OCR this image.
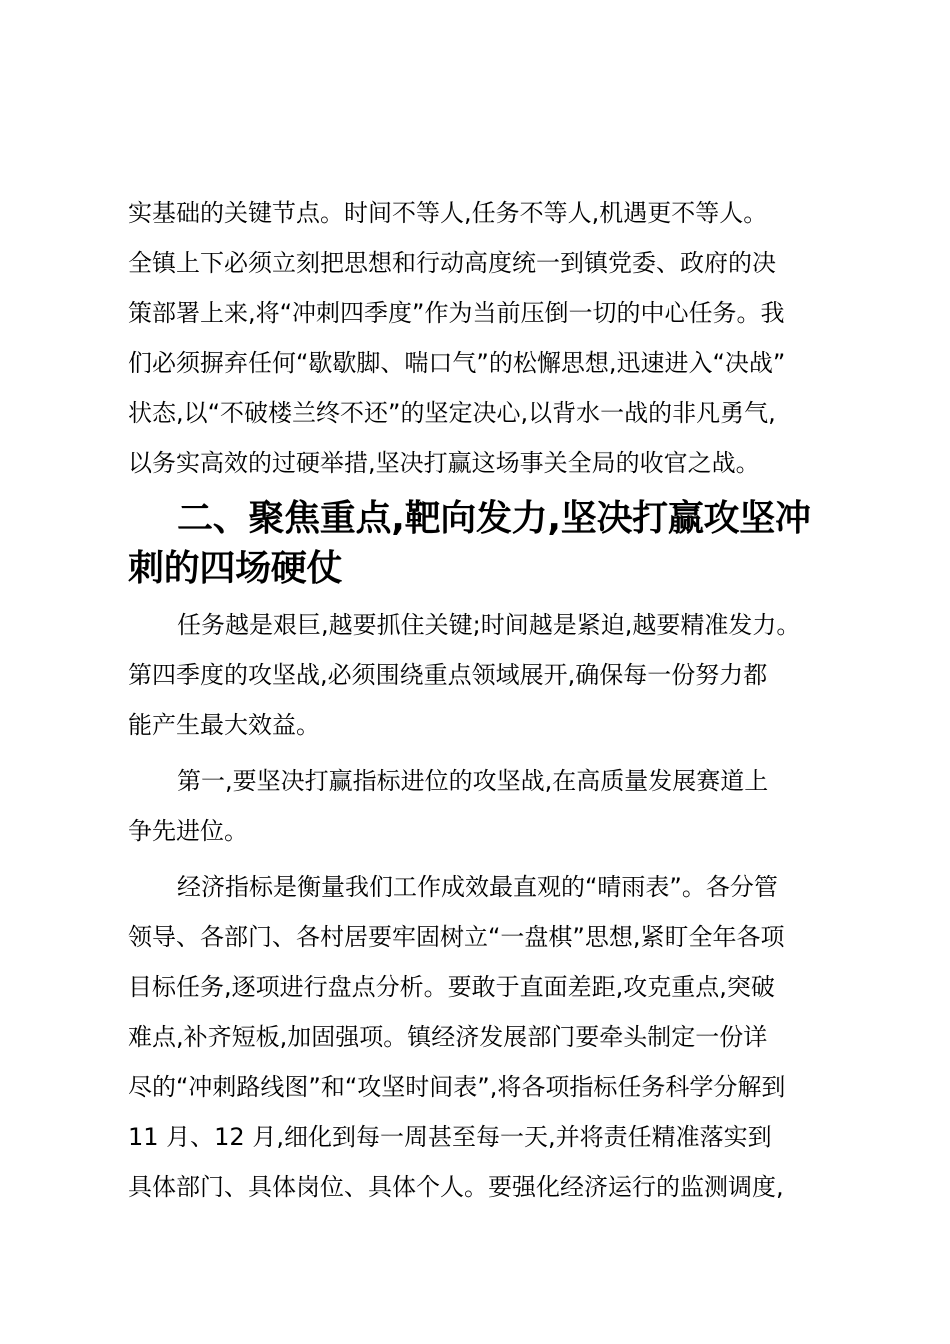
实基础的关键节点。时间不等人,任务不等人,机遇更不等人。
全镇上下必须立刻把思想和行动高度统一到镇党委、政府的决
策部署上来,将“冲刺四季度”作为当前压倒一切的中心任务。我
们必须摒弃任何“歇歇脚、喘口气”的松懈思想,迅速进入“决战”
状态,以“不破楼兰终不还”的坚定决心,以背水一战的非凡勇气,
以务实高效的过硬举措,坚决打赢这场事关全局的收官之战。
二、聚焦重点,靶向发力,坚决打赢攻坚冲刺的四场硬仗
任务越是艰巨,越要抓住关键;时间越是紧迫,越要精准发力。
第四季度的攻坚战,必须围绕重点领域展开,确保每一份努力都
能产生最大效益。
第一,要坚决打赢指标进位的攻坚战,在高质量发展赛道上
争先进位。
经济指标是衡量我们工作成效最直观的“晴雨表”。各分管
领导、各部门、各村居要牢固树立“一盘棋”思想,紧盯全年各项
目标任务,逐项进行盘点分析。要敢于直面差距,攻克重点,突破
难点,补齐短板,加固强项。镇经济发展部门要牵头制定一份详
尽的“冲刺路线图”和“攻坚时间表”,将各项指标任务科学分解到
11 月、12 月,细化到每一周甚至每一天,并将责任精准落实到
具体部门、具体岗位、具体个人。要强化经济运行的监测调度,
